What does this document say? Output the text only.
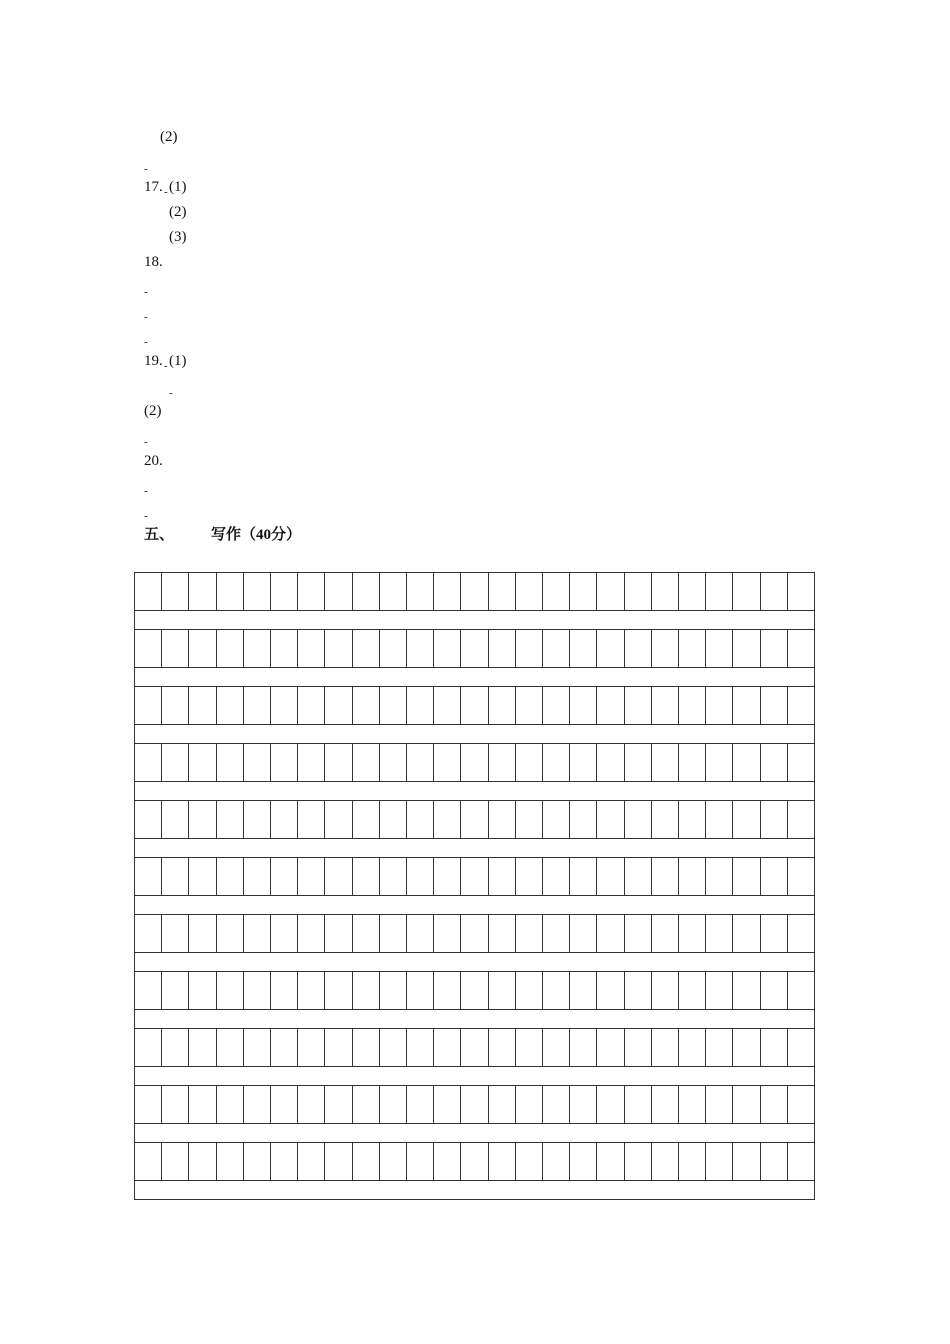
(2)
-
17. - (1)
(2)
(3)
18.
-
-
-
19. - (1)
-
(2)
-
20.
-
-
五、 写作（40分）
